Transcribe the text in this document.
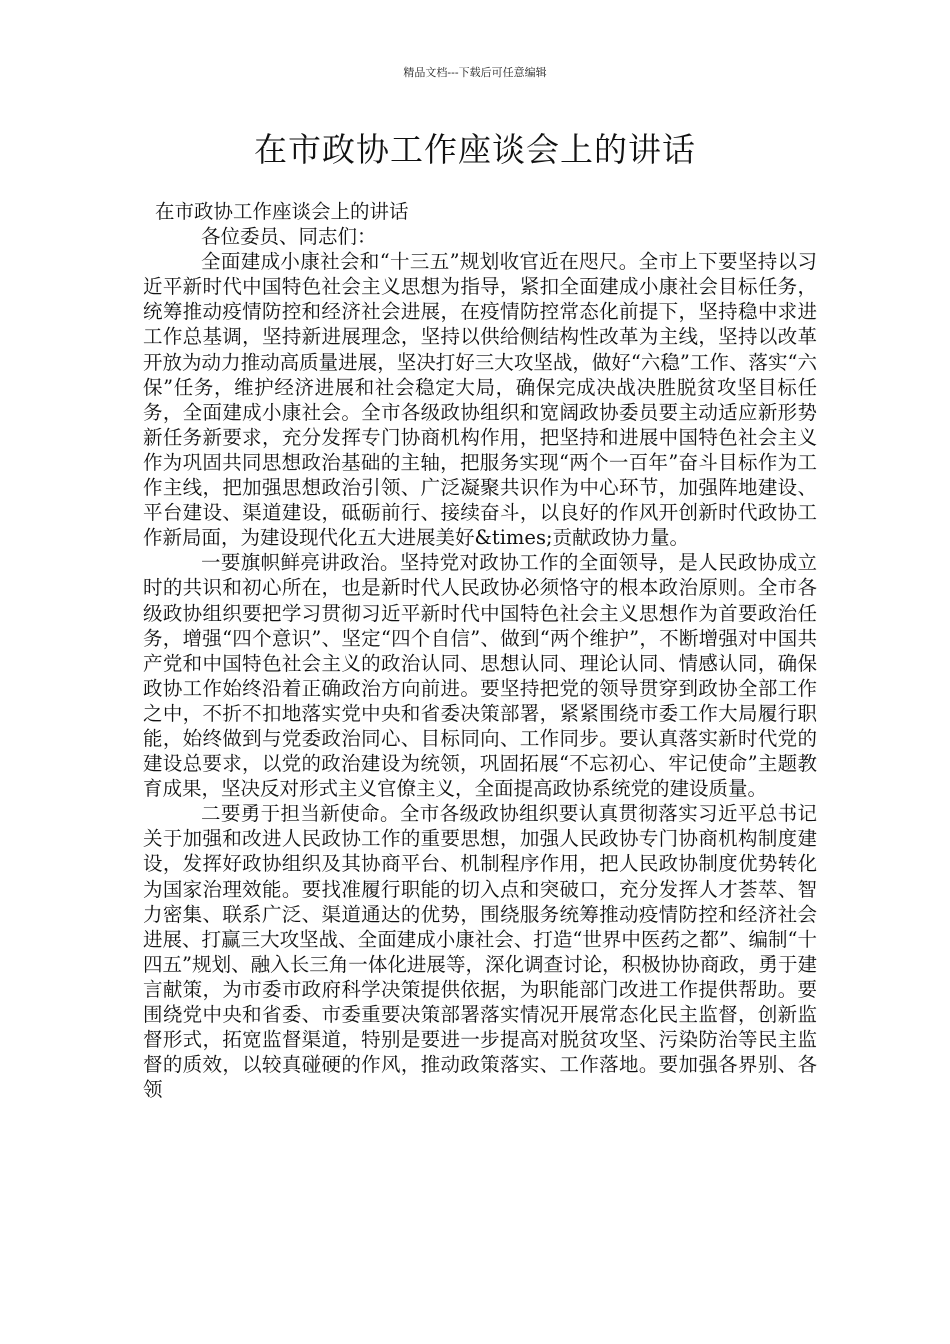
精品文档---下载后可任意编辑
在市政协工作座谈会上的讲话

在市政协工作座谈会上的讲话

各位委员、同志们：

全面建成小康社会和“十三五”规划收官近在咫尺。全市上下要坚持以习近平新时代中国特色社会主义思想为指导，紧扣全面建成小康社会目标任务，统筹推动疫情防控和经济社会进展，在疫情防控常态化前提下，坚持稳中求进工作总基调，坚持新进展理念，坚持以供给侧结构性改革为主线，坚持以改革开放为动力推动高质量进展，坚决打好三大攻坚战，做好“六稳”工作、落实“六保”任务，维护经济进展和社会稳定大局，确保完成决战决胜脱贫攻坚目标任务，全面建成小康社会。全市各级政协组织和宽阔政协委员要主动适应新形势新任务新要求，充分发挥专门协商机构作用，把坚持和进展中国特色社会主义作为巩固共同思想政治基础的主轴，把服务实现“两个一百年”奋斗目标作为工作主线，把加强思想政治引领、广泛凝聚共识作为中心环节，加强阵地建设、平台建设、渠道建设，砥砺前行、接续奋斗，以良好的作风开创新时代政协工作新局面，为建设现代化五大进展美好&times;贡献政协力量。

一要旗帜鲜亮讲政治。坚持党对政协工作的全面领导，是人民政协成立时的共识和初心所在，也是新时代人民政协必须恪守的根本政治原则。全市各级政协组织要把学习贯彻习近平新时代中国特色社会主义思想作为首要政治任务，增强“四个意识”、坚定“四个自信”、做到“两个维护”，不断增强对中国共产党和中国特色社会主义的政治认同、思想认同、理论认同、情感认同，确保政协工作始终沿着正确政治方向前进。要坚持把党的领导贯穿到政协全部工作之中，不折不扣地落实党中央和省委决策部署，紧紧围绕市委工作大局履行职能，始终做到与党委政治同心、目标同向、工作同步。要认真落实新时代党的建设总要求，以党的政治建设为统领，巩固拓展“不忘初心、牢记使命”主题教育成果，坚决反对形式主义官僚主义，全面提高政协系统党的建设质量。

二要勇于担当新使命。全市各级政协组织要认真贯彻落实习近平总书记关于加强和改进人民政协工作的重要思想，加强人民政协专门协商机构制度建设，发挥好政协组织及其协商平台、机制程序作用，把人民政协制度优势转化为国家治理效能。要找准履行职能的切入点和突破口，充分发挥人才荟萃、智力密集、联系广泛、渠道通达的优势，围绕服务统筹推动疫情防控和经济社会进展、打赢三大攻坚战、全面建成小康社会、打造“世界中医药之都”、编制“十四五”规划、融入长三角一体化进展等，深化调查讨论，积极协协商政，勇于建言献策，为市委市政府科学决策提供依据，为职能部门改进工作提供帮助。要围绕党中央和省委、市委重要决策部署落实情况开展常态化民主监督，创新监督形式，拓宽监督渠道，特别是要进一步提高对脱贫攻坚、污染防治等民主监督的质效，以较真碰硬的作风，推动政策落实、工作落地。要加强各界别、各领
